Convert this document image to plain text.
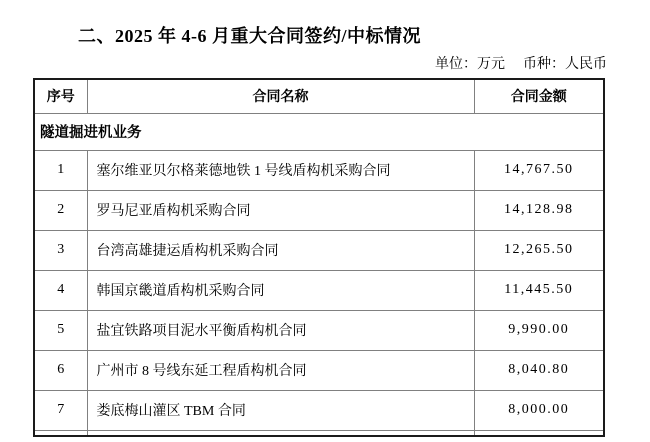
二、2025 年 4-6 月重大合同签约/中标情况
单位：万元 币种：人民币
序号	合同名称	合同金额
隧道掘进机业务		
1	塞尔维亚贝尔格莱德地铁 1 号线盾构机采购合同	14,767.50
2	罗马尼亚盾构机采购合同	14,128.98
3	台湾高雄捷运盾构机采购合同	12,265.50
4	韩国京畿道盾构机采购合同	11,445.50
5	盐宜铁路项目泥水平衡盾构机合同	9,990.00
6	广州市 8 号线东延工程盾构机合同	8,040.80
7	娄底梅山灌区 TBM 合同	8,000.00
